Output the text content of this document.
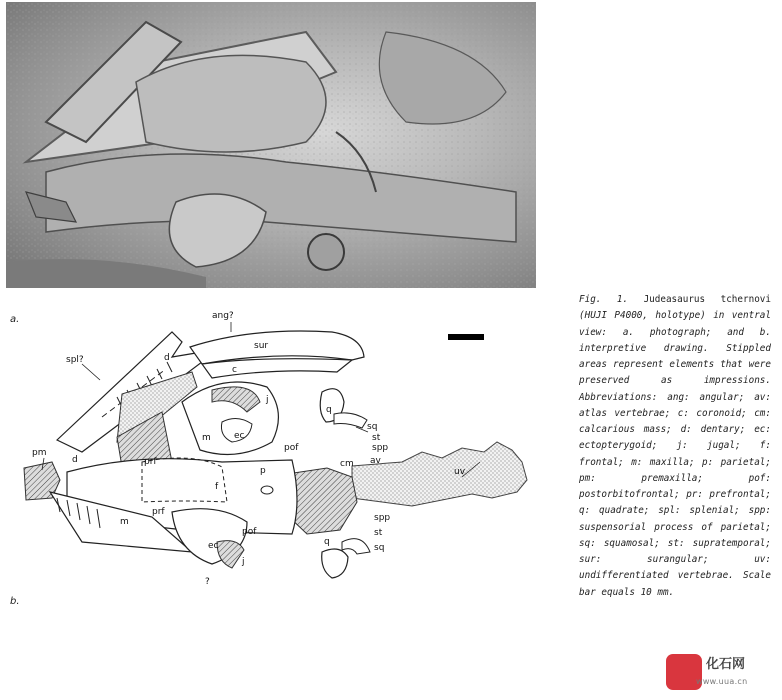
a.	ang?
sur
spl?	d
c
j
q
sq
st
spp
av
cm
uv
m	ec
pof
pm
d	prf
p
f
prf
m
pof
spp
st
sq
q
ec
j
?
b.
Fig. 1. Judeasaurus tchernovi (HUJI P4000, holotype) in ventral view: a. photograph; and b. interpretive drawing. Stippled areas represent elements that were preserved as impressions. Abbreviations: ang: angular; av: atlas vertebrae; c: coronoid; cm: calcarious mass; d: dentary; ec: ectopterygoid; j: jugal; f: frontal; m: maxilla; p: parietal; pm: premaxilla; pof: postorbitofrontal; pr: prefrontal; q: quadrate; spl: splenial; spp: suspensorial process of parietal; sq: squamosal; st: supratemporal; sur: surangular; uv: undifferentiated vertebrae. Scale bar equals 10 mm.
化石网
www.uua.cn
